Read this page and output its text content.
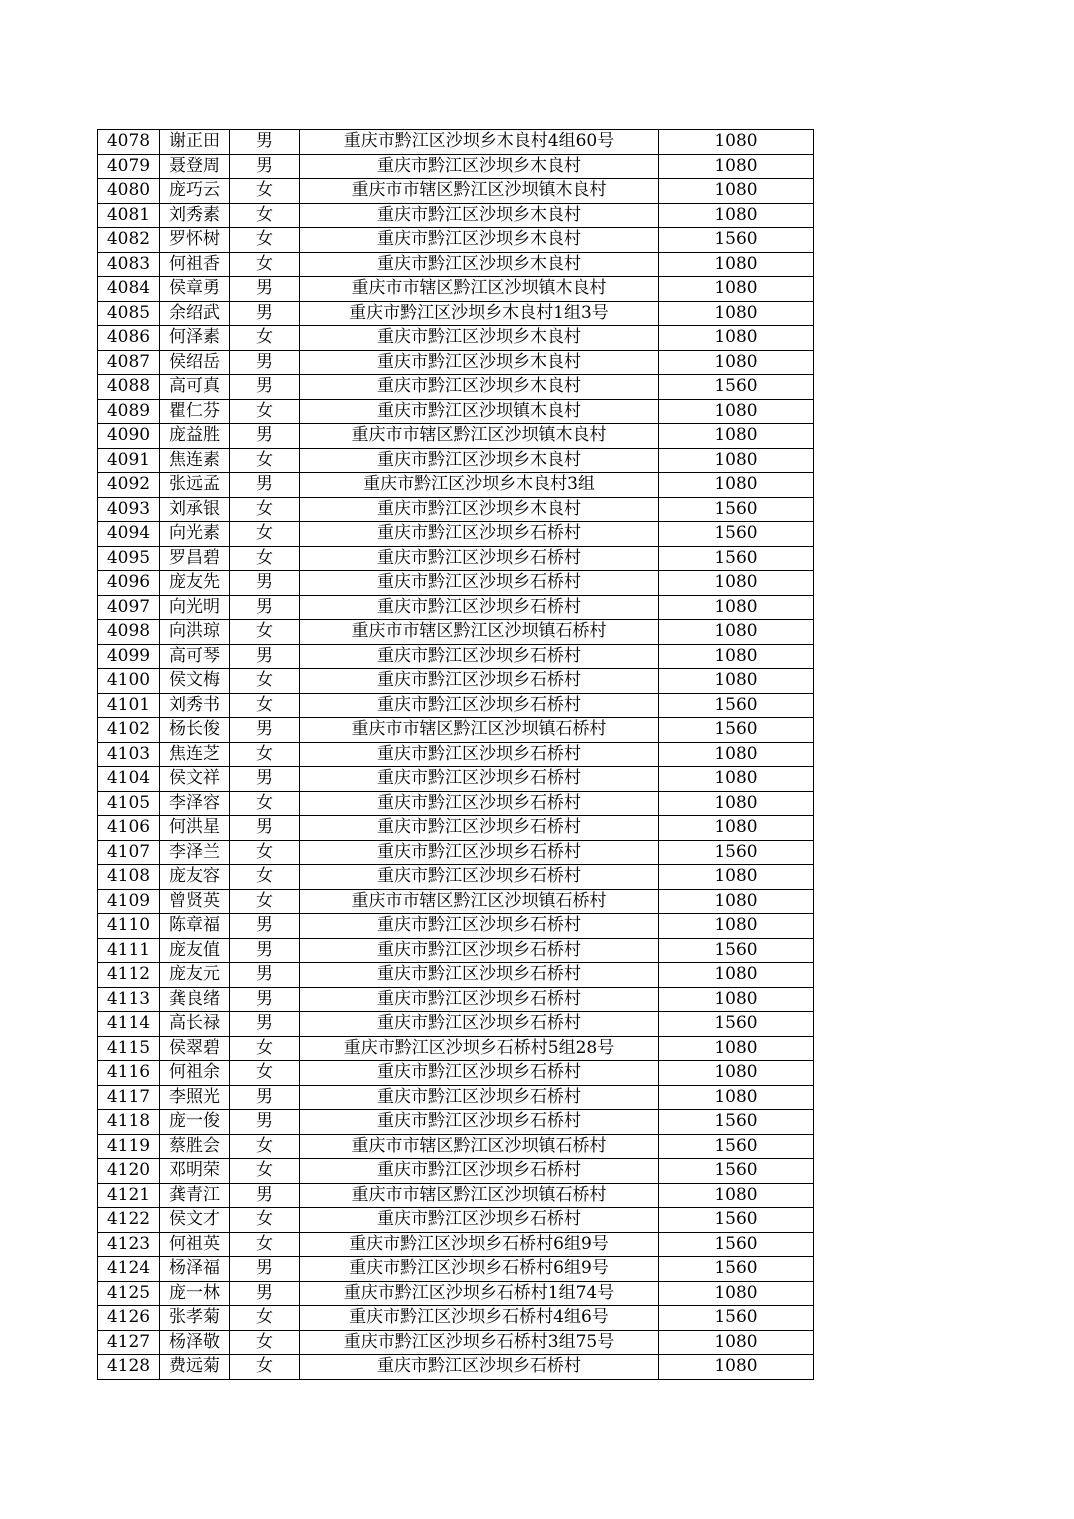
4078	谢正田	男	重庆市黔江区沙坝乡木良村4组60号	1080
4079	聂登周	男	重庆市黔江区沙坝乡木良村	1080
4080	庞巧云	女	重庆市市辖区黔江区沙坝镇木良村	1080
4081	刘秀素	女	重庆市黔江区沙坝乡木良村	1080
4082	罗怀树	女	重庆市黔江区沙坝乡木良村	1560
4083	何祖香	女	重庆市黔江区沙坝乡木良村	1080
4084	侯章勇	男	重庆市市辖区黔江区沙坝镇木良村	1080
4085	余绍武	男	重庆市黔江区沙坝乡木良村1组3号	1080
4086	何泽素	女	重庆市黔江区沙坝乡木良村	1080
4087	侯绍岳	男	重庆市黔江区沙坝乡木良村	1080
4088	高可真	男	重庆市黔江区沙坝乡木良村	1560
4089	瞿仁芬	女	重庆市黔江区沙坝镇木良村	1080
4090	庞益胜	男	重庆市市辖区黔江区沙坝镇木良村	1080
4091	焦连素	女	重庆市黔江区沙坝乡木良村	1080
4092	张远孟	男	重庆市黔江区沙坝乡木良村3组	1080
4093	刘承银	女	重庆市黔江区沙坝乡木良村	1560
4094	向光素	女	重庆市黔江区沙坝乡石桥村	1560
4095	罗昌碧	女	重庆市黔江区沙坝乡石桥村	1560
4096	庞友先	男	重庆市黔江区沙坝乡石桥村	1080
4097	向光明	男	重庆市黔江区沙坝乡石桥村	1080
4098	向洪琼	女	重庆市市辖区黔江区沙坝镇石桥村	1080
4099	高可琴	男	重庆市黔江区沙坝乡石桥村	1080
4100	侯文梅	女	重庆市黔江区沙坝乡石桥村	1080
4101	刘秀书	女	重庆市黔江区沙坝乡石桥村	1560
4102	杨长俊	男	重庆市市辖区黔江区沙坝镇石桥村	1560
4103	焦连芝	女	重庆市黔江区沙坝乡石桥村	1080
4104	侯文祥	男	重庆市黔江区沙坝乡石桥村	1080
4105	李泽容	女	重庆市黔江区沙坝乡石桥村	1080
4106	何洪星	男	重庆市黔江区沙坝乡石桥村	1080
4107	李泽兰	女	重庆市黔江区沙坝乡石桥村	1560
4108	庞友容	女	重庆市黔江区沙坝乡石桥村	1080
4109	曾贤英	女	重庆市市辖区黔江区沙坝镇石桥村	1080
4110	陈章福	男	重庆市黔江区沙坝乡石桥村	1080
4111	庞友值	男	重庆市黔江区沙坝乡石桥村	1560
4112	庞友元	男	重庆市黔江区沙坝乡石桥村	1080
4113	龚良绪	男	重庆市黔江区沙坝乡石桥村	1080
4114	高长禄	男	重庆市黔江区沙坝乡石桥村	1560
4115	侯翠碧	女	重庆市黔江区沙坝乡石桥村5组28号	1080
4116	何祖余	女	重庆市黔江区沙坝乡石桥村	1080
4117	李照光	男	重庆市黔江区沙坝乡石桥村	1080
4118	庞一俊	男	重庆市黔江区沙坝乡石桥村	1560
4119	蔡胜会	女	重庆市市辖区黔江区沙坝镇石桥村	1560
4120	邓明荣	女	重庆市黔江区沙坝乡石桥村	1560
4121	龚青江	男	重庆市市辖区黔江区沙坝镇石桥村	1080
4122	侯文才	女	重庆市黔江区沙坝乡石桥村	1560
4123	何祖英	女	重庆市黔江区沙坝乡石桥村6组9号	1560
4124	杨泽福	男	重庆市黔江区沙坝乡石桥村6组9号	1560
4125	庞一林	男	重庆市黔江区沙坝乡石桥村1组74号	1080
4126	张孝菊	女	重庆市黔江区沙坝乡石桥村4组6号	1560
4127	杨泽敬	女	重庆市黔江区沙坝乡石桥村3组75号	1080
4128	费远菊	女	重庆市黔江区沙坝乡石桥村	1080
